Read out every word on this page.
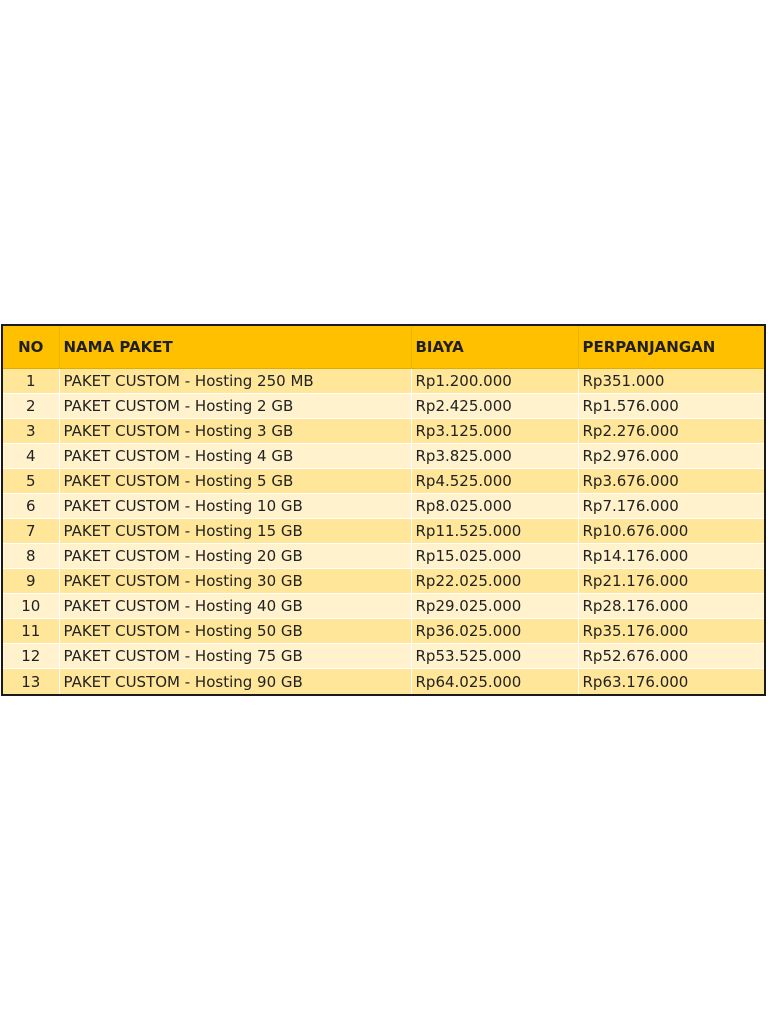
NO	NAMA PAKET	BIAYA	PERPANJANGAN
1	PAKET CUSTOM - Hosting 250 MB	Rp1.200.000	Rp351.000
2	PAKET CUSTOM - Hosting 2 GB	Rp2.425.000	Rp1.576.000
3	PAKET CUSTOM - Hosting 3 GB	Rp3.125.000	Rp2.276.000
4	PAKET CUSTOM - Hosting 4 GB	Rp3.825.000	Rp2.976.000
5	PAKET CUSTOM - Hosting 5 GB	Rp4.525.000	Rp3.676.000
6	PAKET CUSTOM - Hosting 10 GB	Rp8.025.000	Rp7.176.000
7	PAKET CUSTOM - Hosting 15 GB	Rp11.525.000	Rp10.676.000
8	PAKET CUSTOM - Hosting 20 GB	Rp15.025.000	Rp14.176.000
9	PAKET CUSTOM - Hosting 30 GB	Rp22.025.000	Rp21.176.000
10	PAKET CUSTOM - Hosting 40 GB	Rp29.025.000	Rp28.176.000
11	PAKET CUSTOM - Hosting 50 GB	Rp36.025.000	Rp35.176.000
12	PAKET CUSTOM - Hosting 75 GB	Rp53.525.000	Rp52.676.000
13	PAKET CUSTOM - Hosting 90 GB	Rp64.025.000	Rp63.176.000
